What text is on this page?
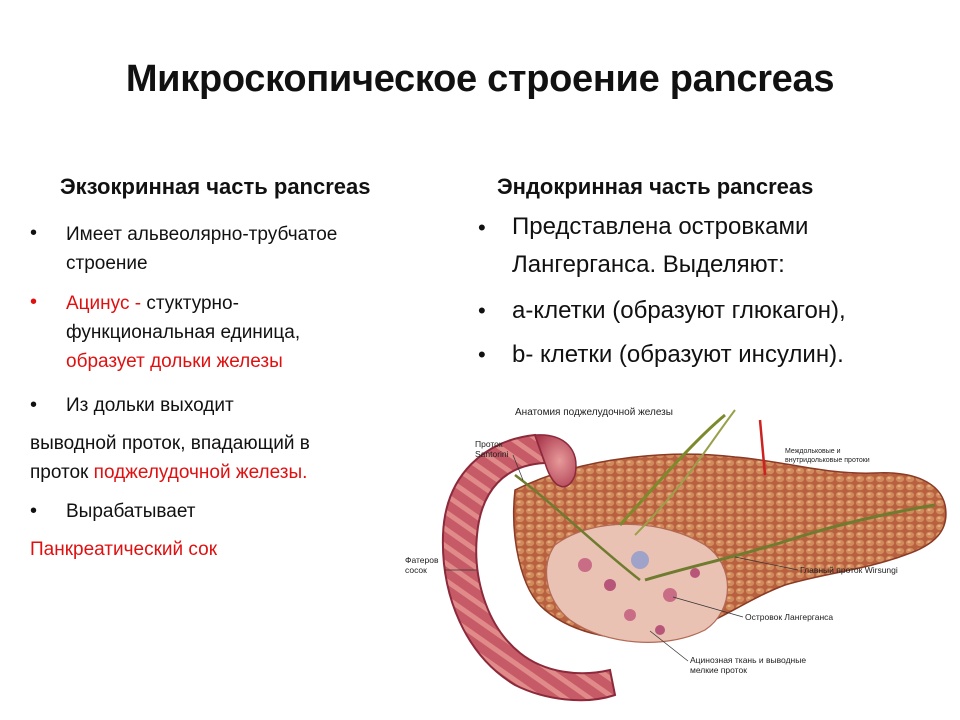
Микроскопическое строение pancreas
Экзокринная часть pancreas
• Имеет альвеолярно-трубчатое
строение
• Ацинус - стуктурно-
функциональная единица,
образует дольки железы
• Из дольки выходит
выводной проток, впадающий в
проток поджелудочной железы.
• Вырабатывает
Панкреатический сок
Эндокринная часть pancreas
• Представлена островками
Лангерганса. Выделяют:
• a-клетки (образуют глюкагон),
• b- клетки (образуют инсулин).
Анатомия поджелудочной железы
Проток
Santorini	Междольковые и
внутридольковые протоки
Фатеров
сосок	Главный проток Wirsungi
Островок Лангерганса
Ацинозная ткань и выводные
мелкие проток
